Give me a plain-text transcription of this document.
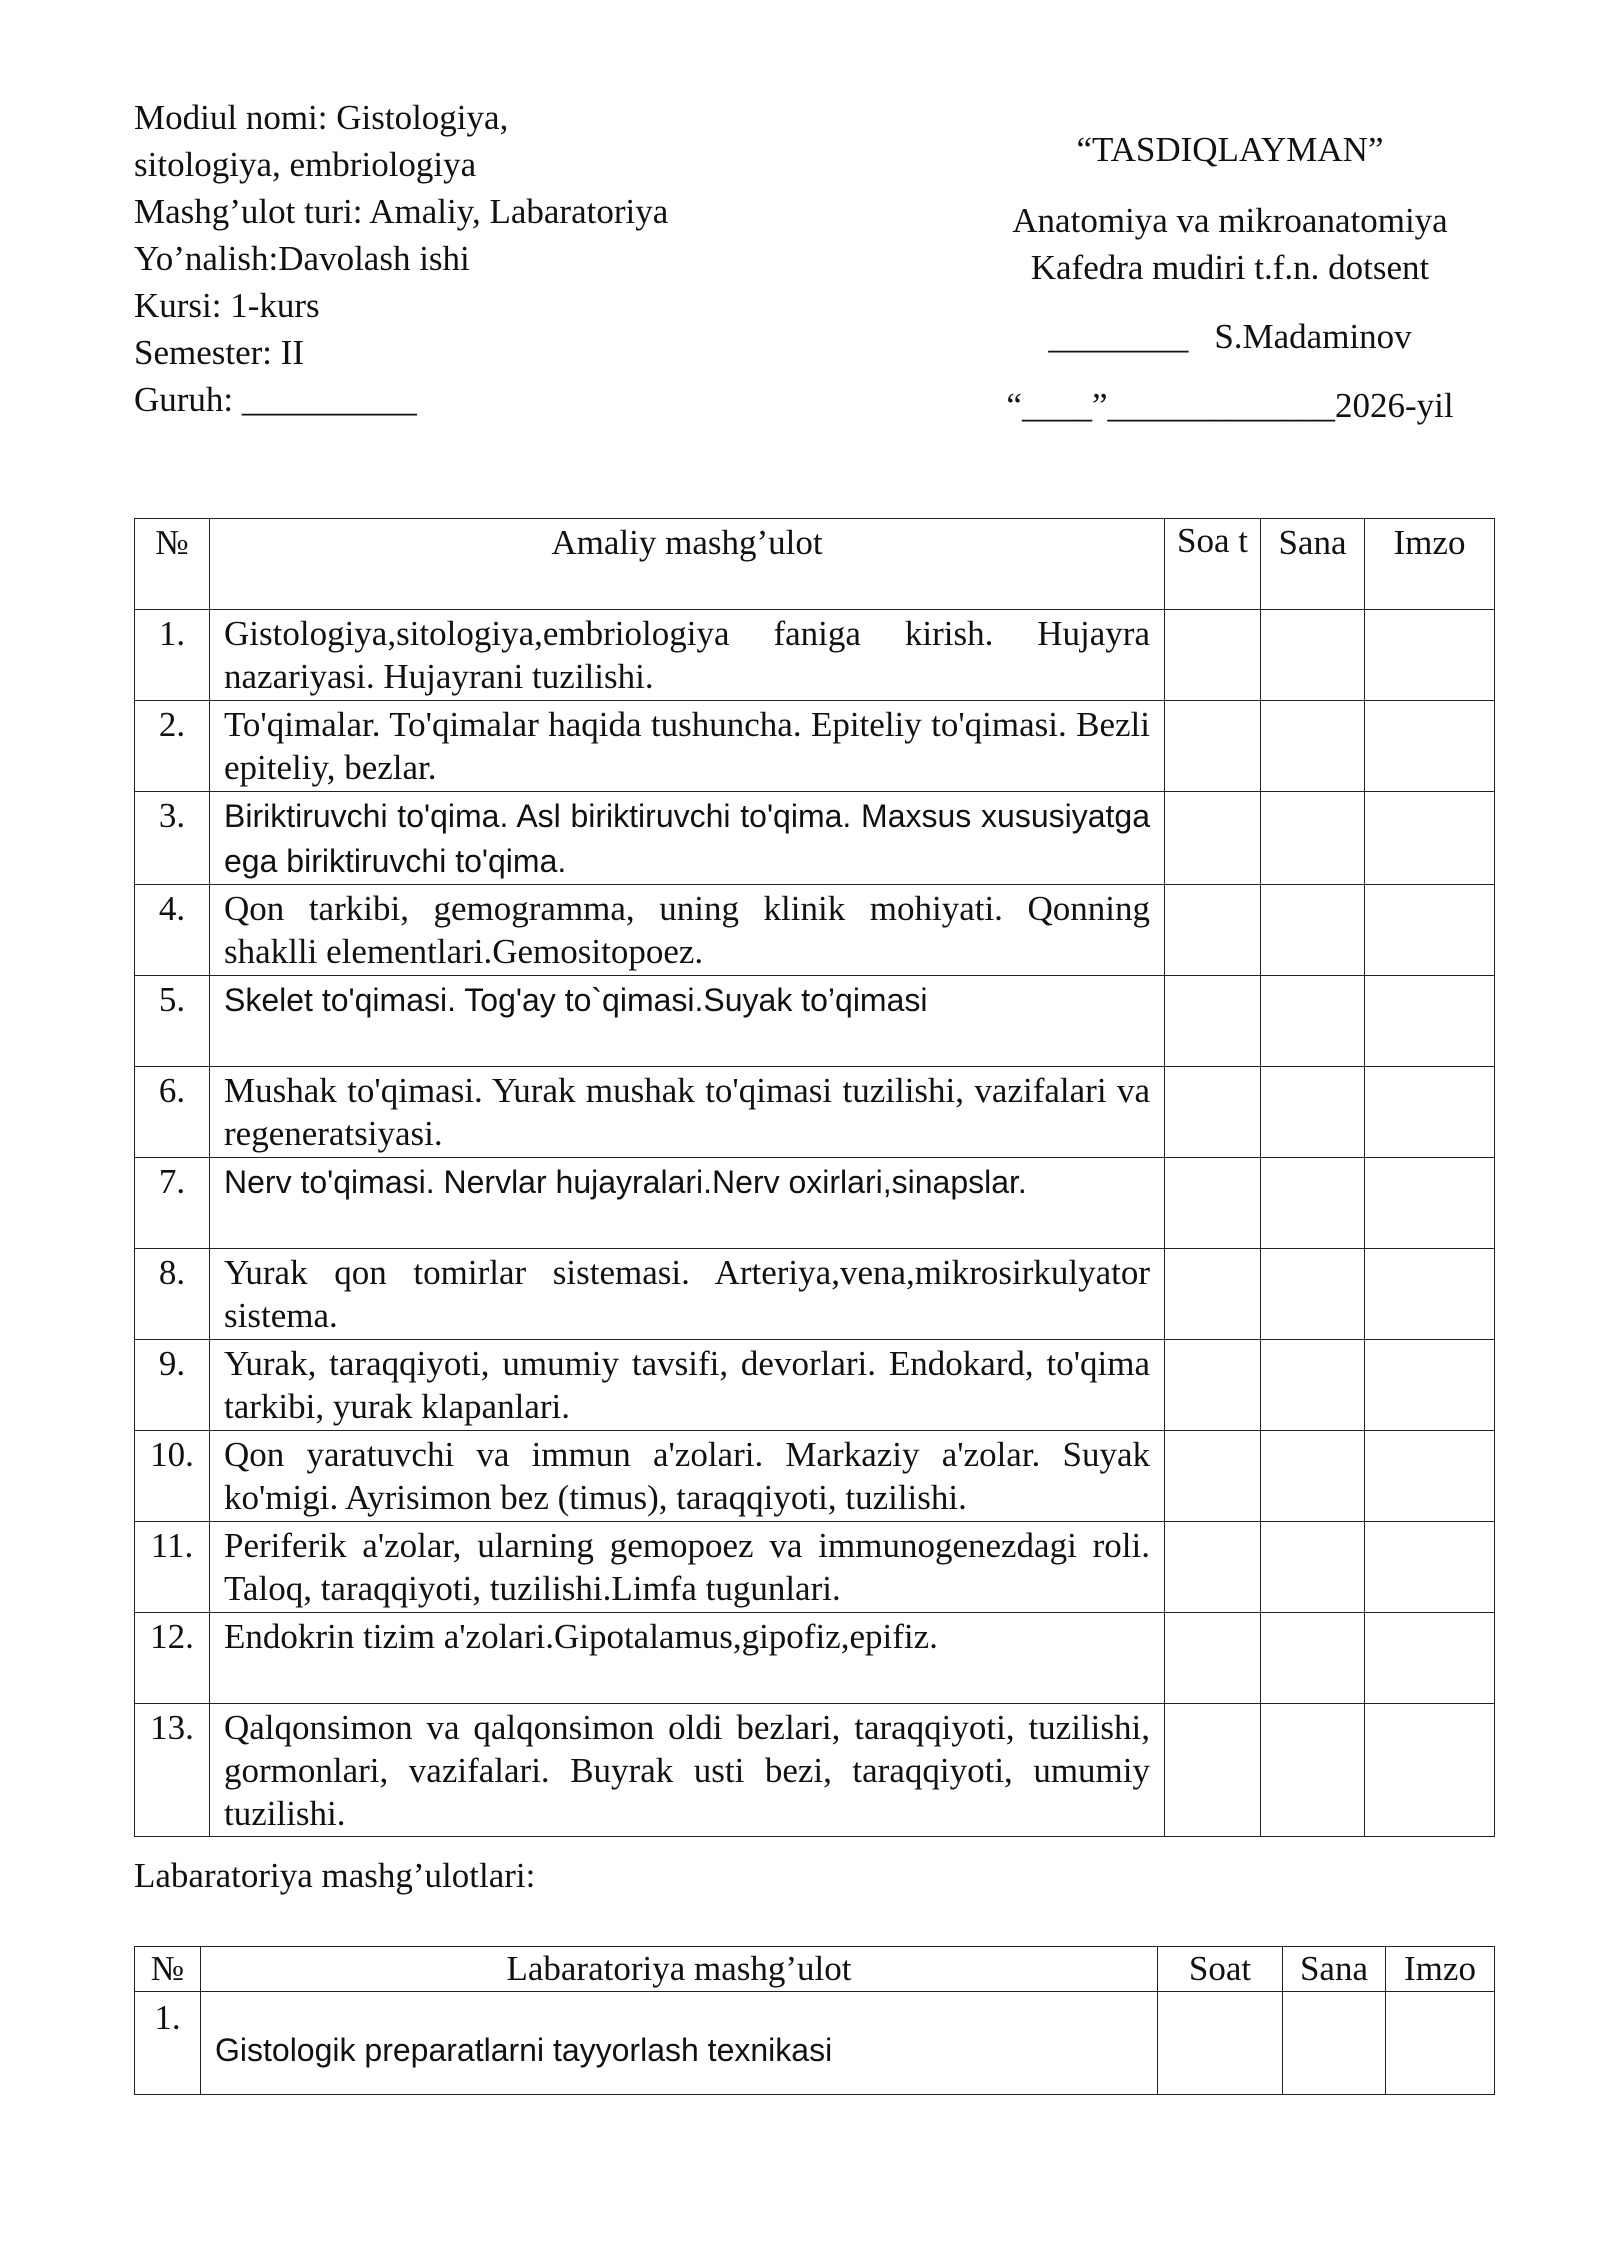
Modiul nomi: Gistologiya,
sitologiya, embriologiya
Mashg’ulot turi: Amaliy, Labaratoriya
Yo’nalish:Davolash ishi
Kursi: 1-kurs
Semester: II
Guruh: __________
“TASDIQLAYMAN”
Anatomiya va mikroanatomiya
Kafedra mudiri t.f.n. dotsent
________ S.Madaminov
“____”_____________2026-yil
№	Amaliy mashg’ulot	Soa t	Sana	Imzo
1.	Gistologiya,sitologiya,embriologiya faniga kirish. Hujayra nazariyasi. Hujayrani tuzilishi.			
2.	To'qimalar. To'qimalar haqida tushuncha. Epiteliy to'qimasi. Bezli epiteliy, bezlar.			
3.	Biriktiruvchi to'qima. Asl biriktiruvchi to'qima. Maxsus xususiyatga ega biriktiruvchi to'qima.			
4.	Qon tarkibi, gemogramma, uning klinik mohiyati. Qonning shaklli elementlari.Gemositopoez.			
5.	Skelet to'qimasi. Tog'ay to`qimasi.Suyak to’qimasi			
6.	Mushak to'qimasi. Yurak mushak to'qimasi tuzilishi, vazifalari va regeneratsiyasi.			
7.	Nerv to'qimasi. Nervlar hujayralari.Nerv oxirlari,sinapslar.			
8.	Yurak qon tomirlar sistemasi. Arteriya,vena,mikrosirkulyator sistema.			
9.	Yurak, taraqqiyoti, umumiy tavsifi, devorlari. Endokard, to'qima tarkibi, yurak klapanlari.			
10.	Qon yaratuvchi va immun a'zolari. Markaziy a'zolar. Suyak ko'migi. Ayrisimon bez (timus), taraqqiyoti, tuzilishi.			
11.	Periferik a'zolar, ularning gemopoez va immunogenezdagi roli. Taloq, taraqqiyoti, tuzilishi.Limfa tugunlari.			
12.	Endokrin tizim a'zolari.Gipotalamus,gipofiz,epifiz.			
13.	Qalqonsimon va qalqonsimon oldi bezlari, taraqqiyoti, tuzilishi, gormonlari, vazifalari. Buyrak usti bezi, taraqqiyoti, umumiy tuzilishi.			
Labaratoriya mashg’ulotlari:
№	Labaratoriya mashg’ulot	Soat	Sana	Imzo
1.	Gistologik preparatlarni tayyorlash texnikasi			
